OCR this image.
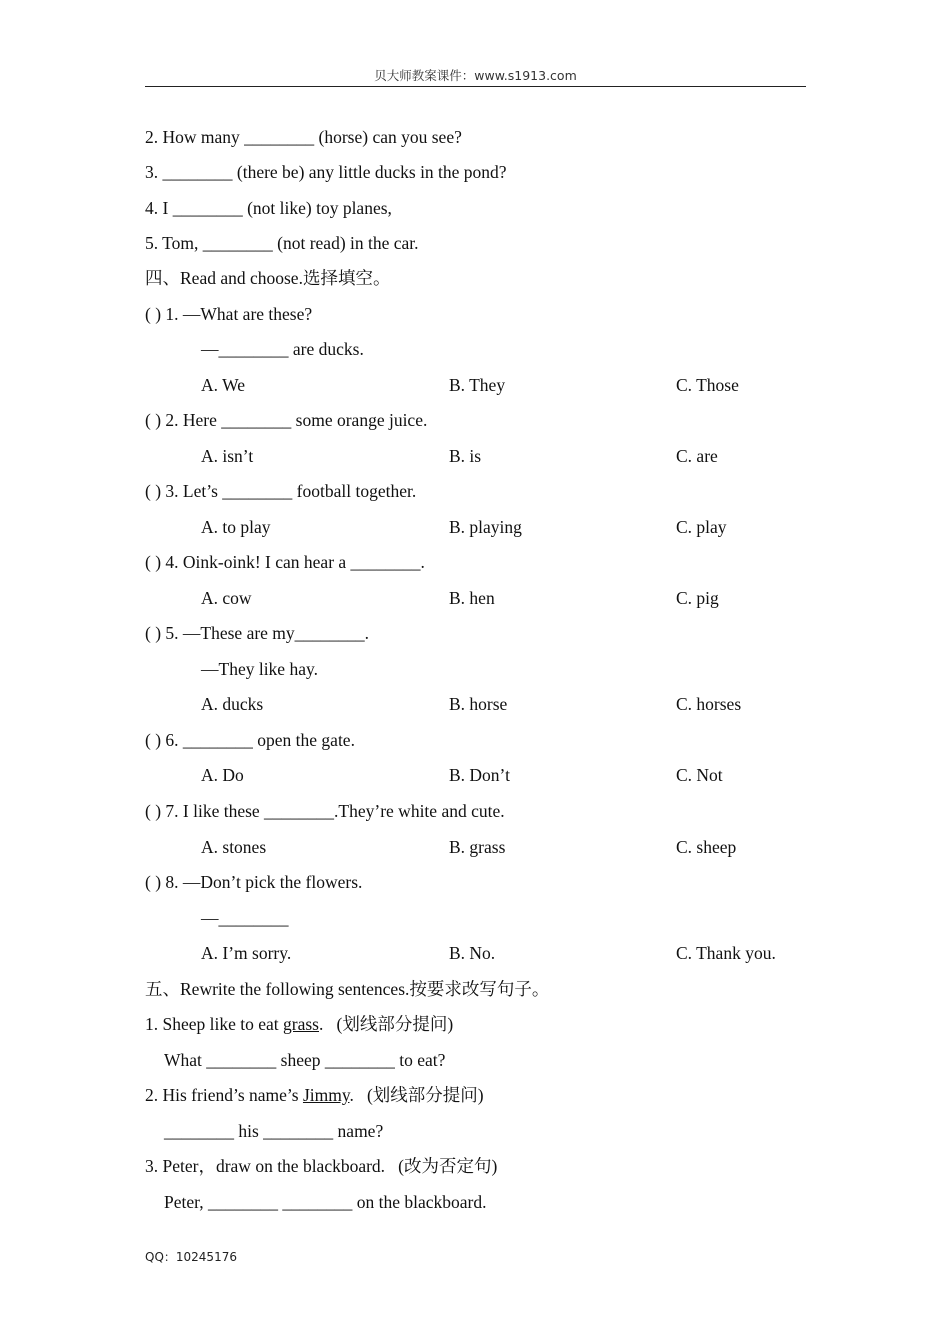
贝大师教案课件：www.s1913.com
2. How many ________ (horse) can you see?
3. ________ (there be) any little ducks in the pond?
4. I ________ (not like) toy planes,
5. Tom, ________ (not read) in the car.
四、Read and choose.选择填空。
( ) 1. —What are these?
—________ are ducks.
A. We	B. They	C. Those
( ) 2. Here ________ some orange juice.
A. isn’t	B. is	C. are
( ) 3. Let’s ________ football together.
A. to play	B. playing	C. play
( ) 4. Oink-oink! I can hear a ________.
A. cow	B. hen	C. pig
( ) 5. —These are my________.
—They like hay.
A. ducks	B. horse	C. horses
( ) 6. ________ open the gate.
A. Do	B. Don’t	C. Not
( ) 7. I like these ________.They’re white and cute.
A. stones	B. grass	C. sheep
( ) 8. —Don’t pick the flowers.
—________
A. I’m sorry.	B. No.	C. Thank you.
五、Rewrite the following sentences.按要求改写句子。
1. Sheep like to eat grass.   (划线部分提问)
What ________ sheep ________ to eat?
2. His friend’s name’s Jimmy.   (划线部分提问)
________ his ________ name?
3. Peter，draw on the blackboard.   (改为否定句)
Peter, ________ ________ on the blackboard.
QQ：10245176
